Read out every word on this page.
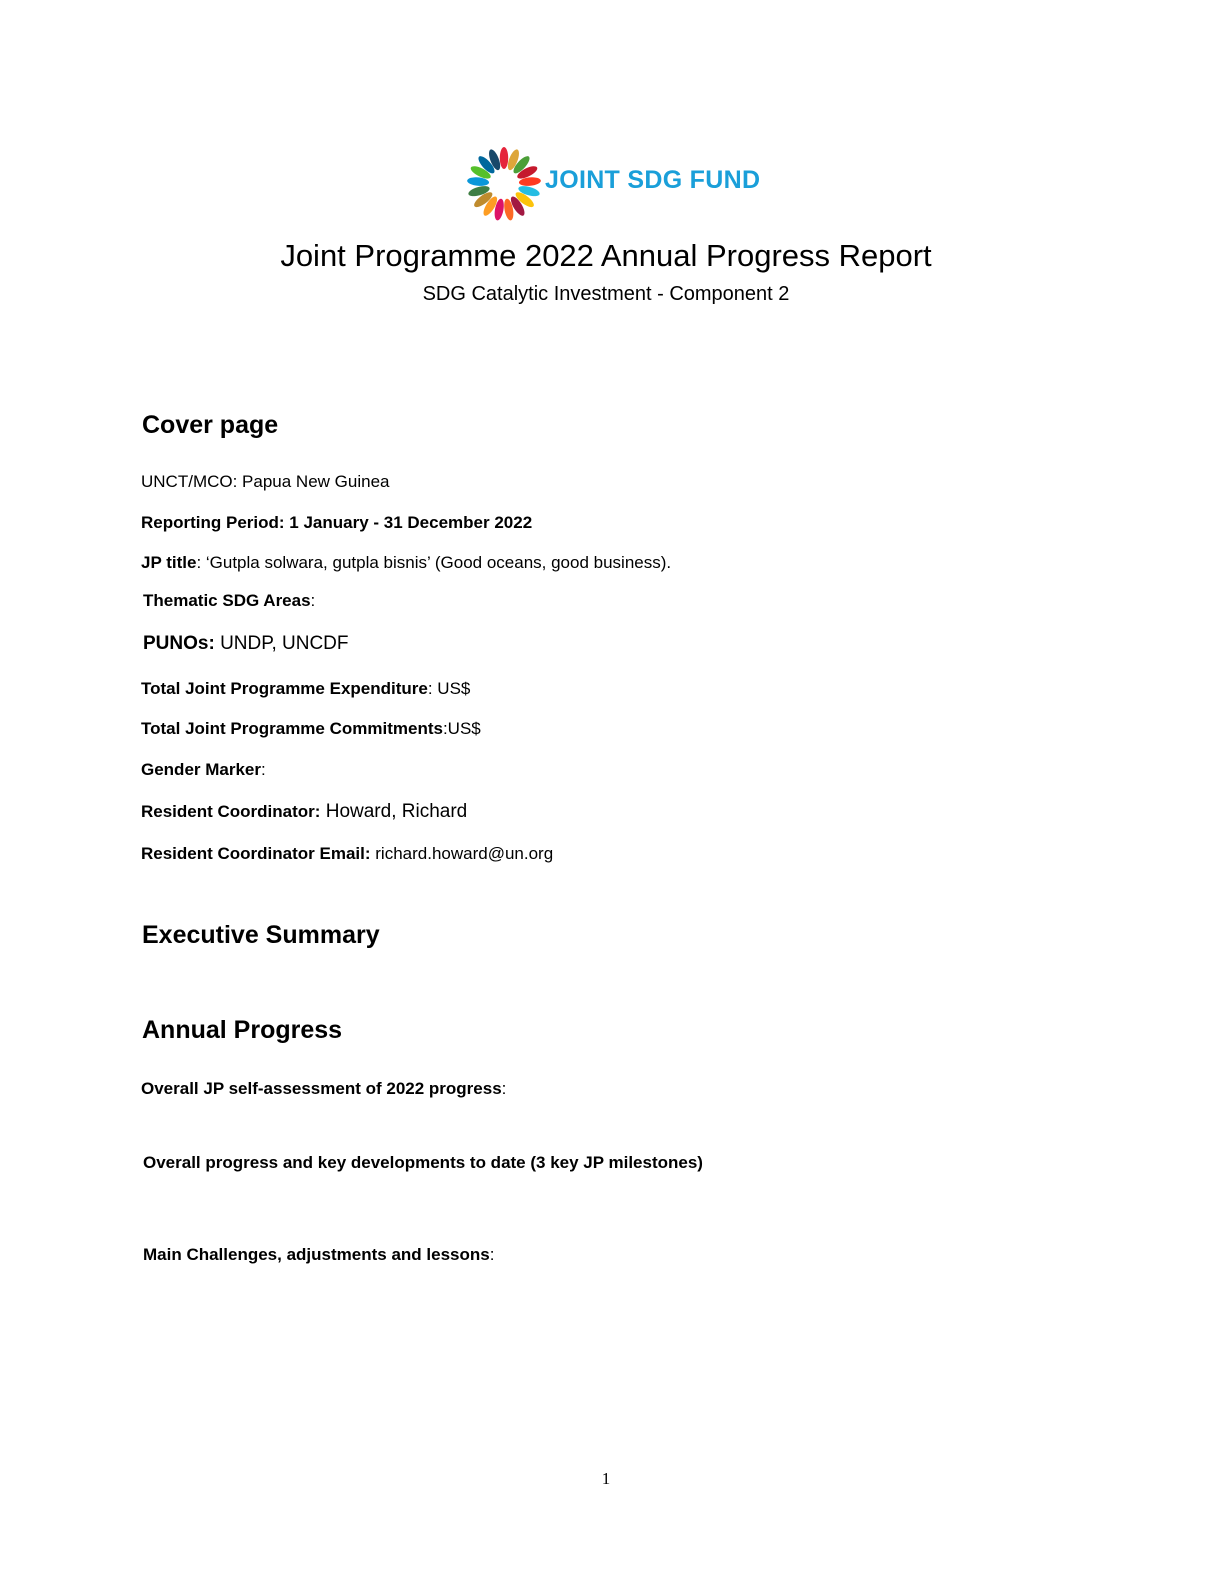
JOINT SDG FUND
Joint Programme 2022 Annual Progress Report
SDG Catalytic Investment - Component 2
Cover page
UNCT/MCO: Papua New Guinea
Reporting Period: 1 January - 31 December 2022
JP title: ‘Gutpla solwara, gutpla bisnis’ (Good oceans, good business).
Thematic SDG Areas:
PUNOs: UNDP, UNCDF
Total Joint Programme Expenditure: US$
Total Joint Programme Commitments:US$
Gender Marker:
Resident Coordinator: Howard, Richard
Resident Coordinator Email: richard.howard@un.org
Executive Summary
Annual Progress
Overall JP self-assessment of 2022 progress:
Overall progress and key developments to date (3 key JP milestones)
Main Challenges, adjustments and lessons:
1
